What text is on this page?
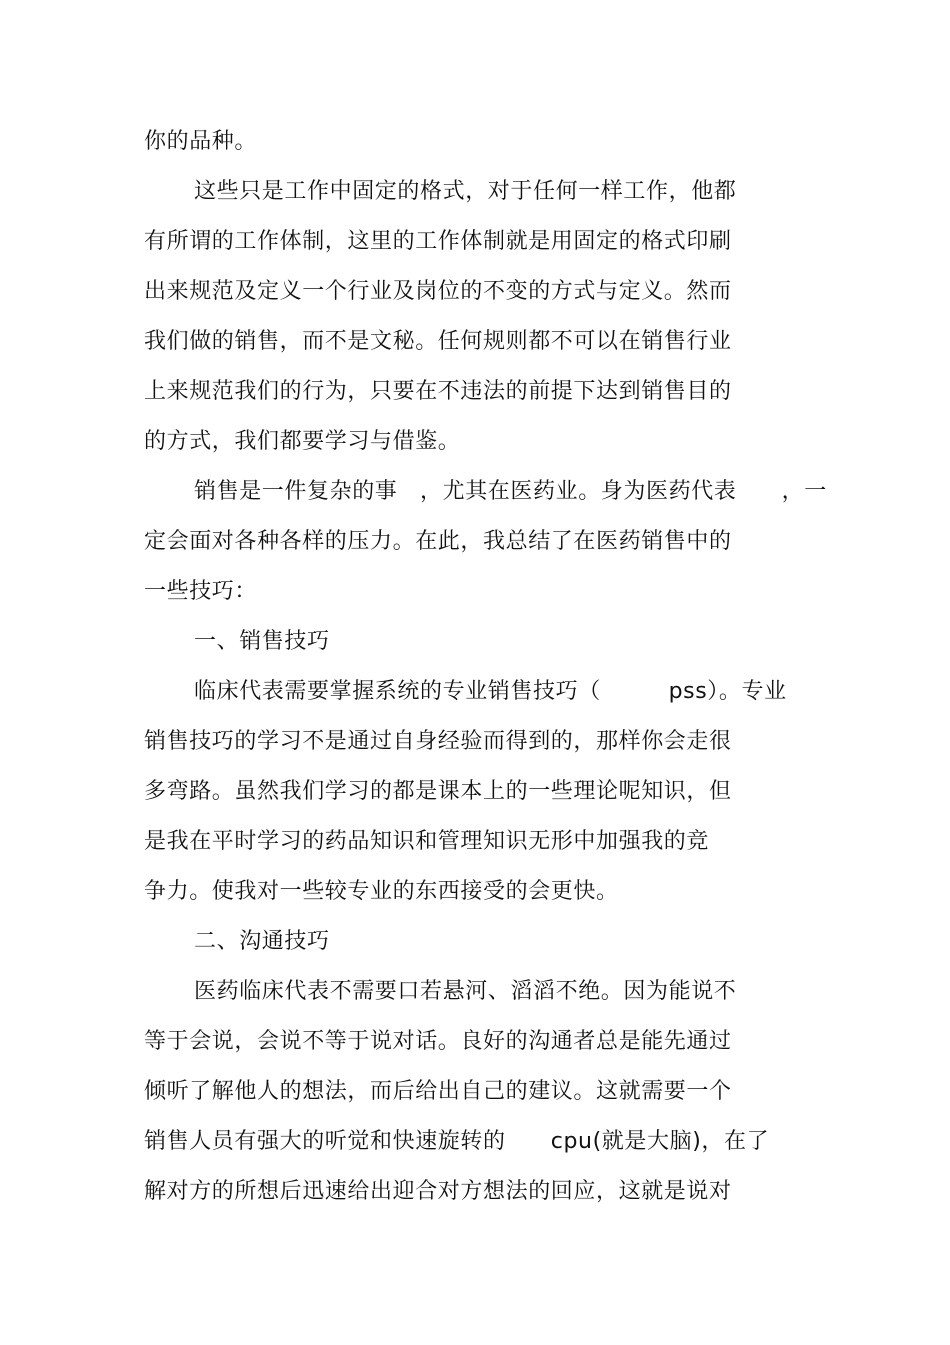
你的品种。
这些只是工作中固定的格式，对于任何一样工作，他都
有所谓的工作体制，这里的工作体制就是用固定的格式印刷
出来规范及定义一个行业及岗位的不变的方式与定义。然而
我们做的销售，而不是文秘。任何规则都不可以在销售行业
上来规范我们的行为，只要在不违法的前提下达到销售目的
的方式，我们都要学习与借鉴。
销售是一件复杂的事　，尤其在医药业。身为医药代表　　，一
定会面对各种各样的压力。在此，我总结了在医药销售中的
一些技巧：
一、销售技巧
临床代表需要掌握系统的专业销售技巧（　　　pss）。专业
销售技巧的学习不是通过自身经验而得到的，那样你会走很
多弯路。虽然我们学习的都是课本上的一些理论呢知识，但
是我在平时学习的药品知识和管理知识无形中加强我的竞
争力。使我对一些较专业的东西接受的会更快。
二、沟通技巧
医药临床代表不需要口若悬河、滔滔不绝。因为能说不
等于会说，会说不等于说对话。良好的沟通者总是能先通过
倾听了解他人的想法，而后给出自己的建议。这就需要一个
销售人员有强大的听觉和快速旋转的　　cpu(就是大脑)，在了
解对方的所想后迅速给出迎合对方想法的回应，这就是说对
